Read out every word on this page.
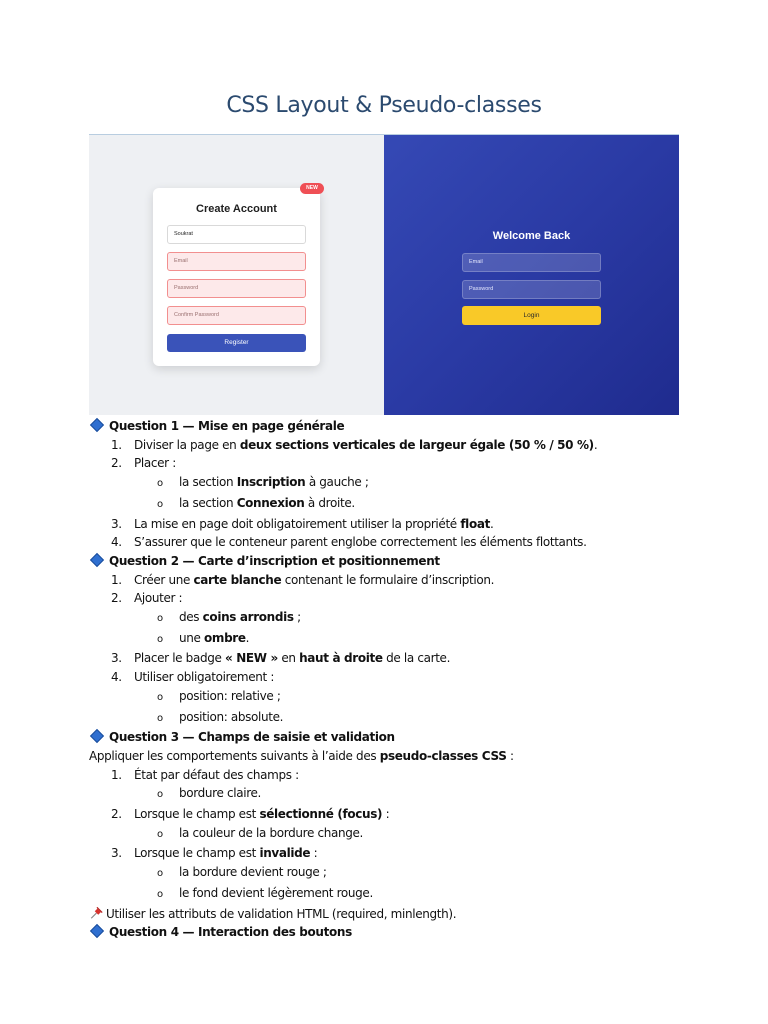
CSS Layout & Pseudo-classes
NEW
Create Account
Soukrat
Email
Password
Confirm Password
Register
Welcome Back
Email
Password
Login
Question 1 — Mise en page générale
1. Diviser la page en deux sections verticales de largeur égale (50 % / 50 %).
2. Placer :
o la section Inscription à gauche ;
o la section Connexion à droite.
3. La mise en page doit obligatoirement utiliser la propriété float.
4. S’assurer que le conteneur parent englobe correctement les éléments flottants.
Question 2 — Carte d’inscription et positionnement
1. Créer une carte blanche contenant le formulaire d’inscription.
2. Ajouter :
o des coins arrondis ;
o une ombre.
3. Placer le badge « NEW » en haut à droite de la carte.
4. Utiliser obligatoirement :
o position: relative ;
o position: absolute.
Question 3 — Champs de saisie et validation
Appliquer les comportements suivants à l’aide des pseudo-classes CSS :
1. État par défaut des champs :
o bordure claire.
2. Lorsque le champ est sélectionné (focus) :
o la couleur de la bordure change.
3. Lorsque le champ est invalide :
o la bordure devient rouge ;
o le fond devient légèrement rouge.
Utiliser les attributs de validation HTML (required, minlength).
Question 4 — Interaction des boutons
